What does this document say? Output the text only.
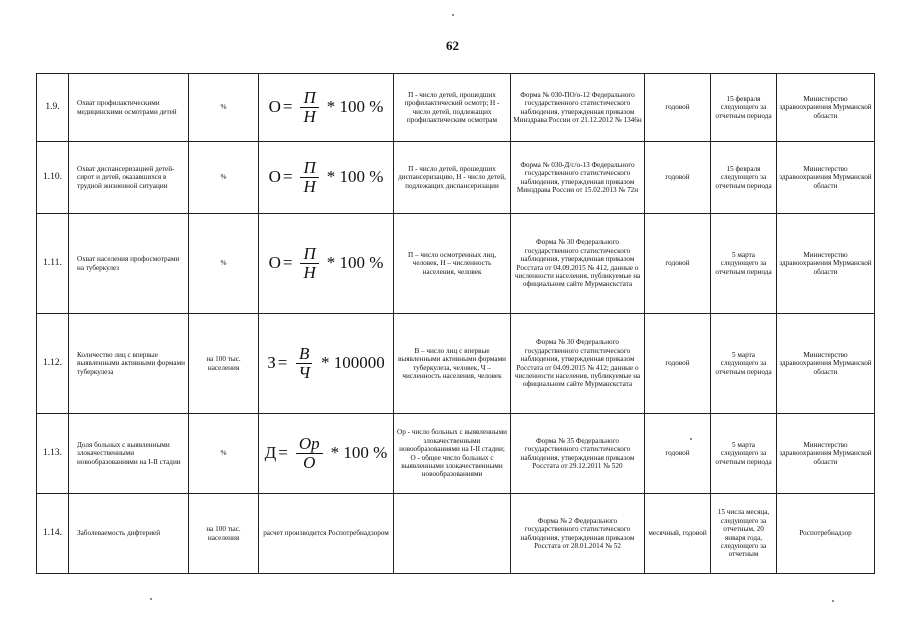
62
1.9.	Охват профилактическими медицинскими осмотрами детей	%	$О = \frac{П}{Н} * 100$ %	П - число детей, прошедших профилактический осмотр; Н - число детей, подлежащих профилактическим осмотрам	Форма № 030-ПО/о-12 Федерального государственного статистического наблюдения, утвержденная приказом Минздрава России от 21.12.2012 № 1346н	годовой	15 февраля следующего за отчетным периода	Министерство здравоохранения Мурманской области
1.10.	Охват диспансеризацией детей-сирот и детей, оказавшихся в трудной жизненной ситуации	%	$О = \frac{П}{Н} * 100$ %	П - число детей, прошедших диспансеризацию, Н - число детей, подлежащих диспансеризации	Форма № 030-Д/с/о-13 Федерального государственного статистического наблюдения, утвержденная приказом Минздрава России от 15.02.2013 № 72н	годовой	15 февраля следующего за отчетным периода	Министерство здравоохранения Мурманской области
1.11.	Охват населения профосмотрами на туберкулез	%	$О = \frac{П}{Н} * 100$ %	П – число осмотренных лиц, человек, Н – численность населения, человек	Форма № 30 Федерального государственного статистического наблюдения, утвержденная приказом Росстата от 04.09.2015 № 412, данные о численности населения, публикуемые на официальном сайте Мурманскстата	годовой	5 марта следующего за отчетным периода	Министерство здравоохранения Мурманской области
1.12.	Количество лиц с впервые выявленными активными формами туберкулеза	на 100 тыс. населения	$З = \frac{В}{Ч} * 100000$	В – число лиц с впервые выявленными активными формами туберкулеза, человек, Ч – численность населения, человек	Форма № 30 Федерального государственного статистического наблюдения, утвержденная приказом Росстата от 04.09.2015 № 412; данные о численности населения, публикуемые на официальном сайте Мурманскстата	годовой	5 марта следующего за отчетным периода	Министерство здравоохранения Мурманской области
1.13.	Доля больных с выявленными злокачественными новообразованиями на I-II стадии	%	$Д = \frac{Ор}{О} * 100$ %	Ор - число больных с выявленными злокачественными новообразованиями на I-II стадии; О - общее число больных с выявленными злокачественными новообразованиями	Форма № 35 Федерального государственного статистического наблюдения, утвержденная приказом Росстата от 29.12.2011 № 520	годовой	5 марта следующего за отчетным периода	Министерство здравоохранения Мурманской области
1.14.	Заболеваемость дифтерией	на 100 тыс. населения	расчет производится Роспотребнадзором		Форма № 2 Федерального государственного статистического наблюдения, утвержденная приказом Росстата от 28.01.2014 № 52	месячный, годовой	15 числа месяца, следующего за отчетным, 20 января года, следующего за отчетным	Роспотребнадзор
